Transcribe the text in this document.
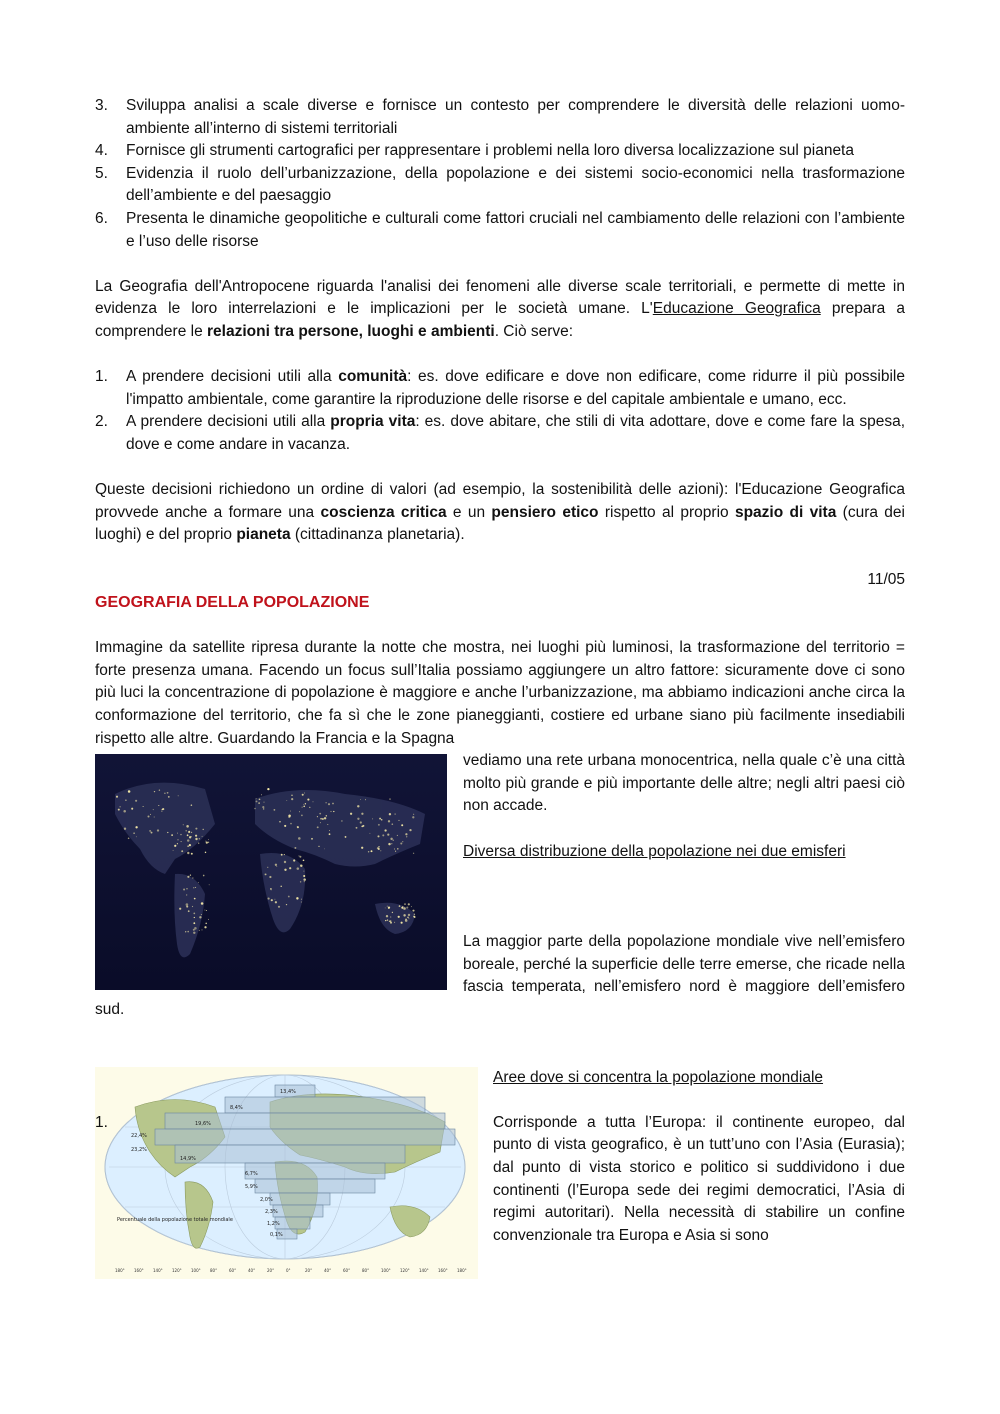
3. Sviluppa analisi a scale diverse e fornisce un contesto per comprendere le diversità delle relazioni uomo-ambiente all’interno di sistemi territoriali
4. Fornisce gli strumenti cartografici per rappresentare i problemi nella loro diversa localizzazione sul pianeta
5. Evidenzia il ruolo dell’urbanizzazione, della popolazione e dei sistemi socio-economici nella trasformazione dell’ambiente e del paesaggio
6. Presenta le dinamiche geopolitiche e culturali come fattori cruciali nel cambiamento delle relazioni con l’ambiente e l’uso delle risorse

La Geografia dell'Antropocene riguarda l'analisi dei fenomeni alle diverse scale territoriali, e permette di mette in evidenza le loro interrelazioni e le implicazioni per le società umane. L'Educazione Geografica prepara a comprendere le relazioni tra persone, luoghi e ambienti. Ciò serve:

1. A prendere decisioni utili alla comunità: es. dove edificare e dove non edificare, come ridurre il più possibile l'impatto ambientale, come garantire la riproduzione delle risorse e del capitale ambientale e umano, ecc.
2. A prendere decisioni utili alla propria vita: es. dove abitare, che stili di vita adottare, dove e come fare la spesa, dove e come andare in vacanza.

Queste decisioni richiedono un ordine di valori (ad esempio, la sostenibilità delle azioni): l'Educazione Geografica provvede anche a formare una coscienza critica e un pensiero etico rispetto al proprio spazio di vita (cura dei luoghi) e del proprio pianeta (cittadinanza planetaria).

11/05
GEOGRAFIA DELLA POPOLAZIONE

Immagine da satellite ripresa durante la notte che mostra, nei luoghi più luminosi, la trasformazione del territorio = forte presenza umana. Facendo un focus sull’Italia possiamo aggiungere un altro fattore: sicuramente dove ci sono più luci la concentrazione di popolazione è maggiore e anche l’urbanizzazione, ma abbiamo indicazioni anche circa la conformazione del territorio, che fa sì che le zone pianeggianti, costiere ed urbane siano più facilmente insediabili rispetto alle altre. Guardando la Francia e la Spagna

vediamo una rete urbana monocentrica, nella quale c’è una città molto più grande e più importante delle altre; negli altri paesi ciò non accade.

Diversa distribuzione della popolazione nei due emisferi

La maggior parte della popolazione mondiale vive nell’emisfero boreale, perché la superficie delle terre emerse, che ricade nella fascia temperata, nell’emisfero nord è maggiore dell’emisfero sud.

13,4%
8,4%
19,6%
22,4%
23,2%
14,9%
6,7%
5,9%
2,0%
2,3%
1,2%
0,1%
Percentuale della popolazione totale mondiale
180° 160° 140° 120° 100° 80°	60°	40°	20°	0°	20°	40°	60°	80°	100° 120° 140° 160° 180°
Aree dove si concentra la popolazione mondiale
1.	Corrisponde a tutta l’Europa: il continente europeo, dal punto di vista geografico, è un tutt’uno con l’Asia (Eurasia); dal punto di vista storico e politico si suddividono i due continenti (l’Europa sede dei regimi democratici, l’Asia di regimi autoritari). Nella necessità di stabilire un confine convenzionale tra Europa e Asia si sono
